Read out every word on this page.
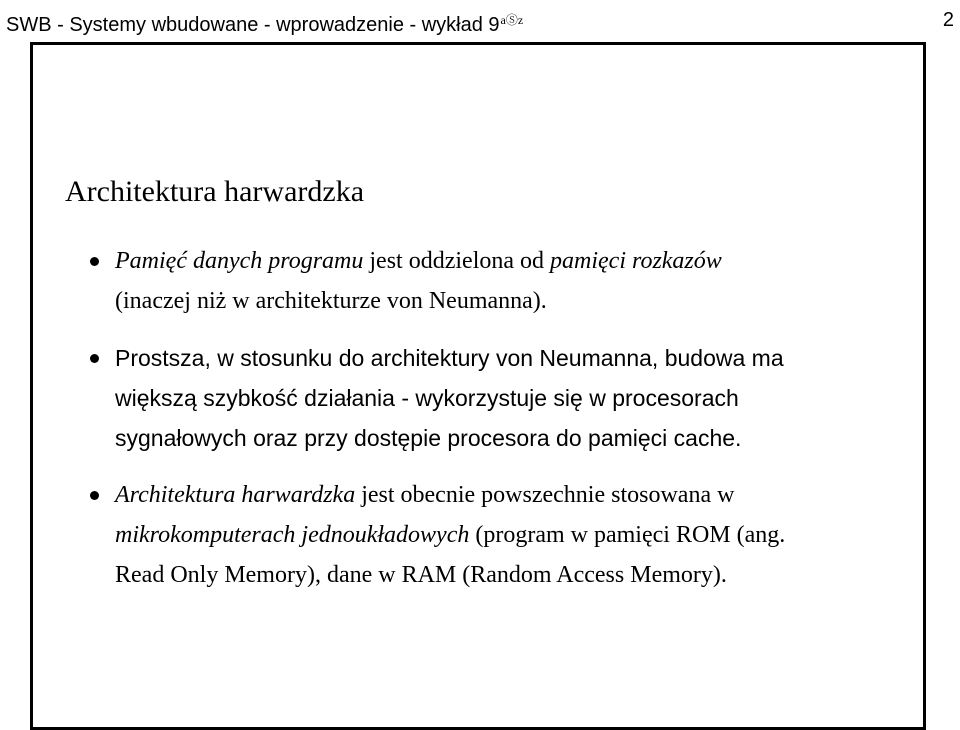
SWB - Systemy wbudowane - wprowadzenie - wykład $9^{aⓈz}$	2
Architektura harwardzka
Pamięć danych programu jest oddzielona od pamięci rozkazów
(inaczej niż w architekturze von Neumanna).
Prostsza, w stosunku do architektury von Neumanna, budowa ma
większą szybkość działania - wykorzystuje się w procesorach
sygnałowych oraz przy dostępie procesora do pamięci cache.
Architektura harwardzka jest obecnie powszechnie stosowana w
mikrokomputerach jednoukładowych (program w pamięci ROM (ang.
Read Only Memory), dane w RAM (Random Access Memory).
